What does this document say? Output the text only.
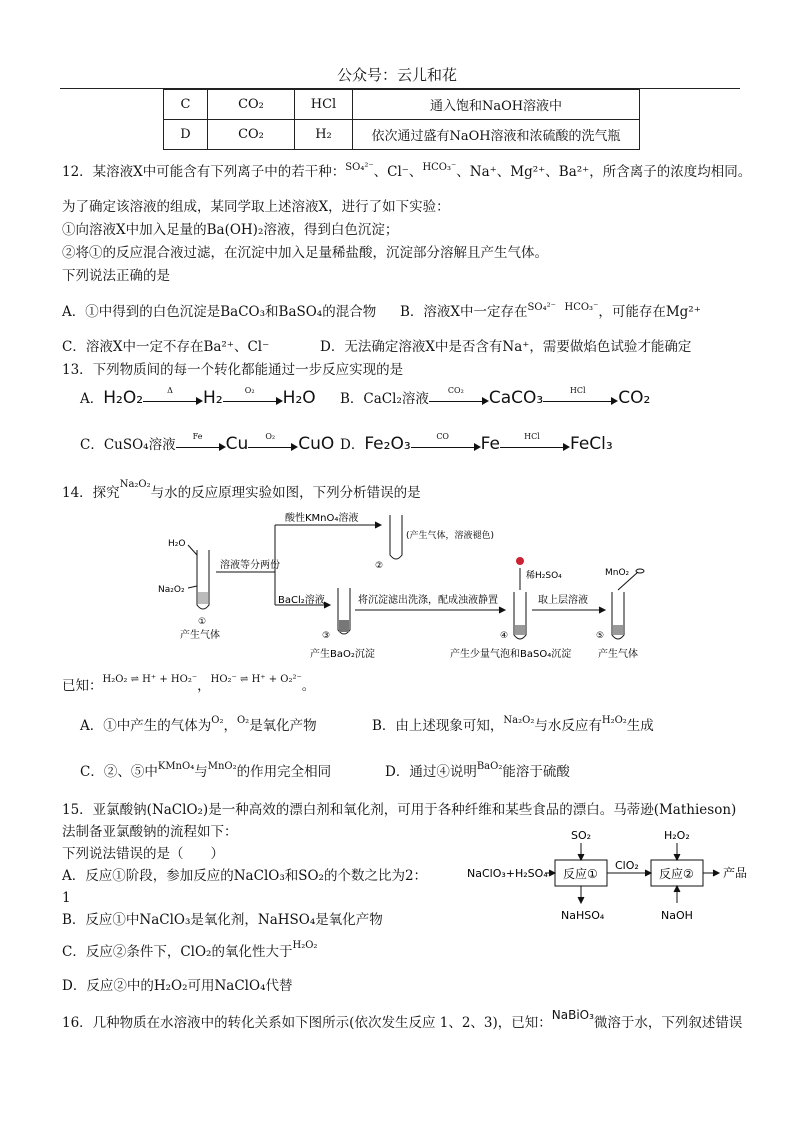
公众号：云儿和花
C	CO₂	HCl	通入饱和NaOH溶液中
D	CO₂	H₂	依次通过盛有NaOH溶液和浓硫酸的洗气瓶
12．某溶液X中可能含有下列离子中的若干种：$^{SO_4^{2-}}$、Cl⁻、$^{HCO_3^-}$、Na⁺、Mg²⁺、Ba²⁺，所含离子的浓度均相同。
为了确定该溶液的组成，某同学取上述溶液X，进行了如下实验：
①向溶液X中加入足量的Ba(OH)₂溶液，得到白色沉淀；
②将①的反应混合液过滤，在沉淀中加入足量稀盐酸，沉淀部分溶解且产生气体。
下列说法正确的是
A．①中得到的白色沉淀是BaCO₃和BaSO₄的混合物 B．溶液X中一定存在$^{SO_4^{2-}}$ $^{HCO_3^-}$，可能存在Mg²⁺
C．溶液X中一定不存在Ba²⁺、Cl⁻	D．无法确定溶液X中是否含有Na⁺，需要做焰色试验才能确定
13．下列物质间的每一个转化都能通过一步反应实现的是
A．H₂O₂	Δ	H₂	O₂	H₂O B．CaCl₂溶液
CO₂	CaCO₃	HCl	CO₂
C．CuSO₄溶液
Fe	Cu	O₂	CuO D．Fe₂O₃	CO	Fe	HCl	FeCl₃
14．探究$^{Na_2O_2}$与水的反应原理实验如图，下列分析错误的是
H₂O
Na₂O₂
①
产生气体
溶液等分两份
酸性KMnO₄溶液
②
(产生气体，溶液褪色)
BaCl₂溶液
③
产生BaO₂沉淀
将沉淀滤出洗涤，配成浊液静置
稀H₂SO₄
④
产生少量气泡和BaSO₄沉淀
取上层溶液
MnO₂
⑤
产生气体
已知：$^{H_2O_2 \rightleftharpoons H^+ + HO_2^-}$，$^{HO_2^- \rightleftharpoons H^+ + O_2^{2-}}$。
A．①中产生的气体为$^{O_2}$，$^{O_2}$是氧化产物	B．由上述现象可知，$^{Na_2O_2}$与水反应有$^{H_2O_2}$生成
C．②、⑤中$^{KMnO_4}$与$^{MnO_2}$的作用完全相同	D．通过④说明$^{BaO_2}$能溶于硫酸
15．亚氯酸钠(NaClO₂)是一种高效的漂白剂和氧化剂，可用于各种纤维和某些食品的漂白。马蒂逊(Mathieson)
法制备亚氯酸钠的流程如下：
下列说法错误的是（　　）
A．反应①阶段，参加反应的NaClO₃和SO₂的个数之比为2：
1
B．反应①中NaClO₃是氧化剂，NaHSO₄是氧化产物
C．反应②条件下，ClO₂的氧化性大于$^{H_2O_2}$
D．反应②中的H₂O₂可用NaClO₄代替
NaClO₃+H₂SO₄
SO₂
反应①
ClO₂
H₂O₂
反应② 产品
NaHSO₄	NaOH
16．几种物质在水溶液中的转化关系如下图所示(依次发生反应 1、2、3)，已知：NaBiO₃微溶于水，下列叙述错误
